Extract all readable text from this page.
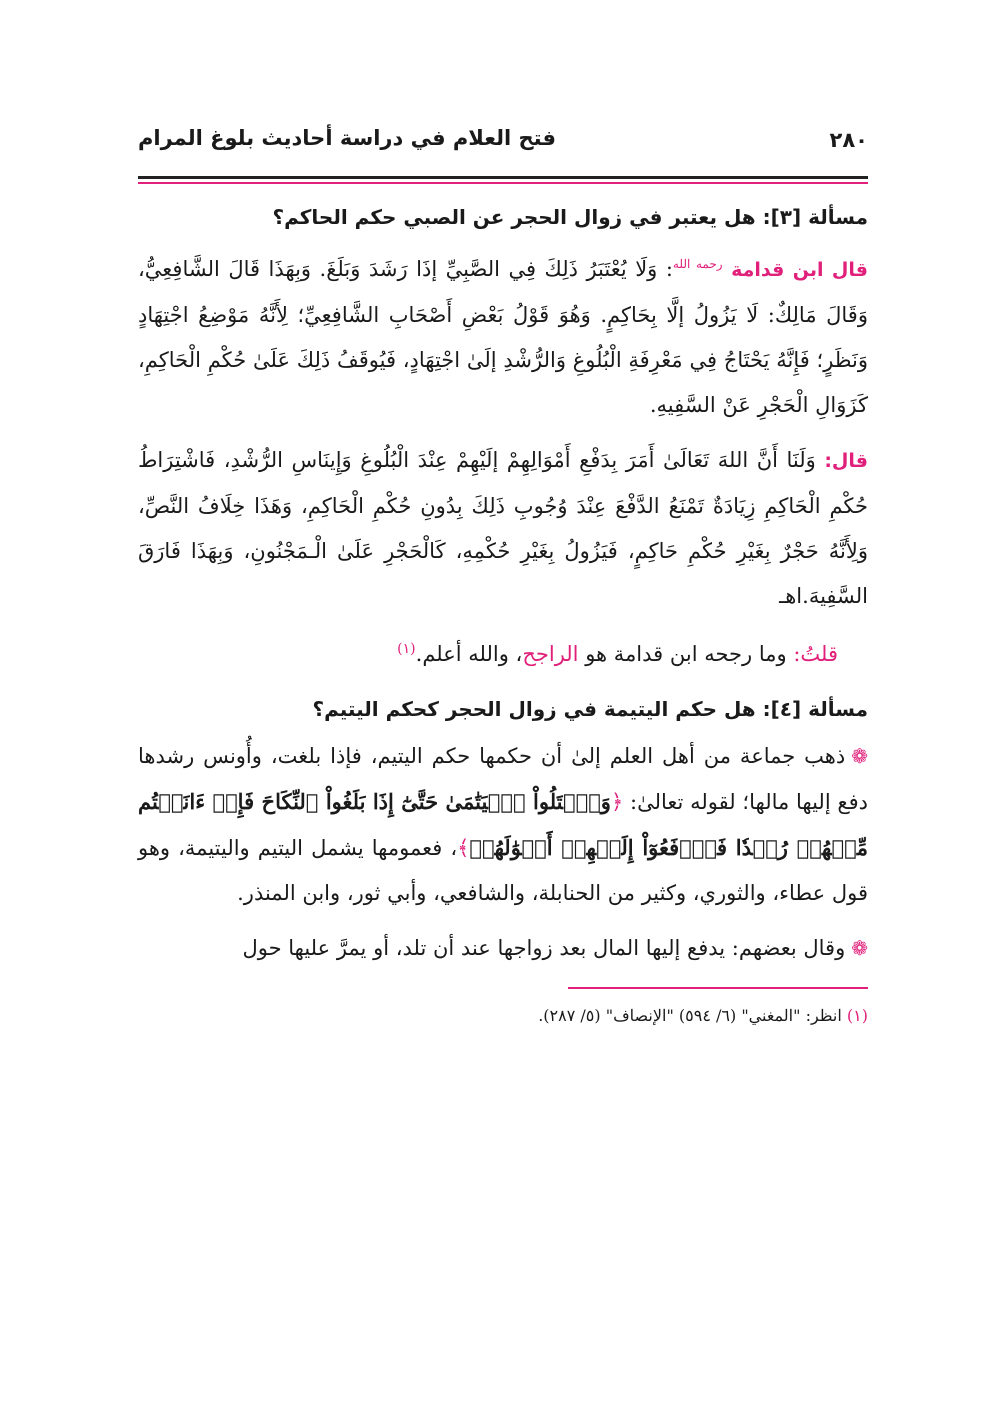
٢٨٠
فتح العلام في دراسة أحاديث بلوغ المرام
مسألة [٣]: هل يعتبر في زوال الحجر عن الصبي حكم الحاكم؟
قال ابن قدامة $^{رحمه الله}$: وَلَا يُعْتَبَرُ ذَلِكَ فِي الصَّبِيِّ إذَا رَشَدَ وَبَلَغَ. وَبِهَذَا قَالَ الشَّافِعِيُّ، وَقَالَ مَالِكٌ: لَا يَزُولُ إلَّا بِحَاكِمٍ. وَهُوَ قَوْلُ بَعْضِ أَصْحَابِ الشَّافِعِيِّ؛ لِأَنَّهُ مَوْضِعُ اجْتِهَادٍ وَنَظَرٍ؛ فَإِنَّهُ يَحْتَاجُ فِي مَعْرِفَةِ الْبُلُوغِ وَالرُّشْدِ إلَىٰ اجْتِهَادٍ، فَيُوقَفُ ذَلِكَ عَلَىٰ حُكْمِ الْحَاكِمِ، كَزَوَالِ الْحَجْرِ عَنْ السَّفِيهِ.
قال: وَلَنَا أَنَّ اللهَ تَعَالَىٰ أَمَرَ بِدَفْعِ أَمْوَالِهِمْ إلَيْهِمْ عِنْدَ الْبُلُوغِ وَإِينَاسِ الرُّشْدِ، فَاشْتِرَاطُ حُكْمِ الْحَاكِمِ زِيَادَةٌ تَمْنَعُ الدَّفْعَ عِنْدَ وُجُوبِ ذَلِكَ بِدُونِ حُكْمِ الْحَاكِمِ، وَهَذَا خِلَافُ النَّصِّ، وَلِأَنَّهُ حَجْرٌ بِغَيْرِ حُكْمِ حَاكِمٍ، فَيَزُولُ بِغَيْرِ حُكْمِهِ، كَالْحَجْرِ عَلَىٰ الْـمَجْنُونِ، وَبِهَذَا فَارَقَ السَّفِيهَ.اهـ
قلتُ: وما رجحه ابن قدامة هو الراجح، والله أعلم.$^{(١)}$
مسألة [٤]: هل حكم اليتيمة في زوال الحجر كحكم اليتيم؟
❁ذهب جماعة من أهل العلم إلىٰ أن حكمها حكم اليتيم، فإذا بلغت، وأُونس رشدها دفع إليها مالها؛ لقوله تعالىٰ: ﴿وَٱبۡتَلُواْ ٱلۡيَتَٰمَىٰ حَتَّىٰٓ إِذَا بَلَغُواْ ٱلنِّكَاحَ فَإِنۡ ءَانَسۡتُم مِّنۡهُمۡ رُشۡدٗا فَٱدۡفَعُوٓاْ إِلَيۡهِمۡ أَمۡوَٰلَهُمۡ﴾، فعمومها يشمل اليتيم واليتيمة، وهو قول عطاء، والثوري، وكثير من الحنابلة، والشافعي، وأبي ثور، وابن المنذر.
❁وقال بعضهم: يدفع إليها المال بعد زواجها عند أن تلد، أو يمرَّ عليها حول
(١) انظر: "المغني" (٦/ ٥٩٤) "الإنصاف" (٥/ ٢٨٧).
